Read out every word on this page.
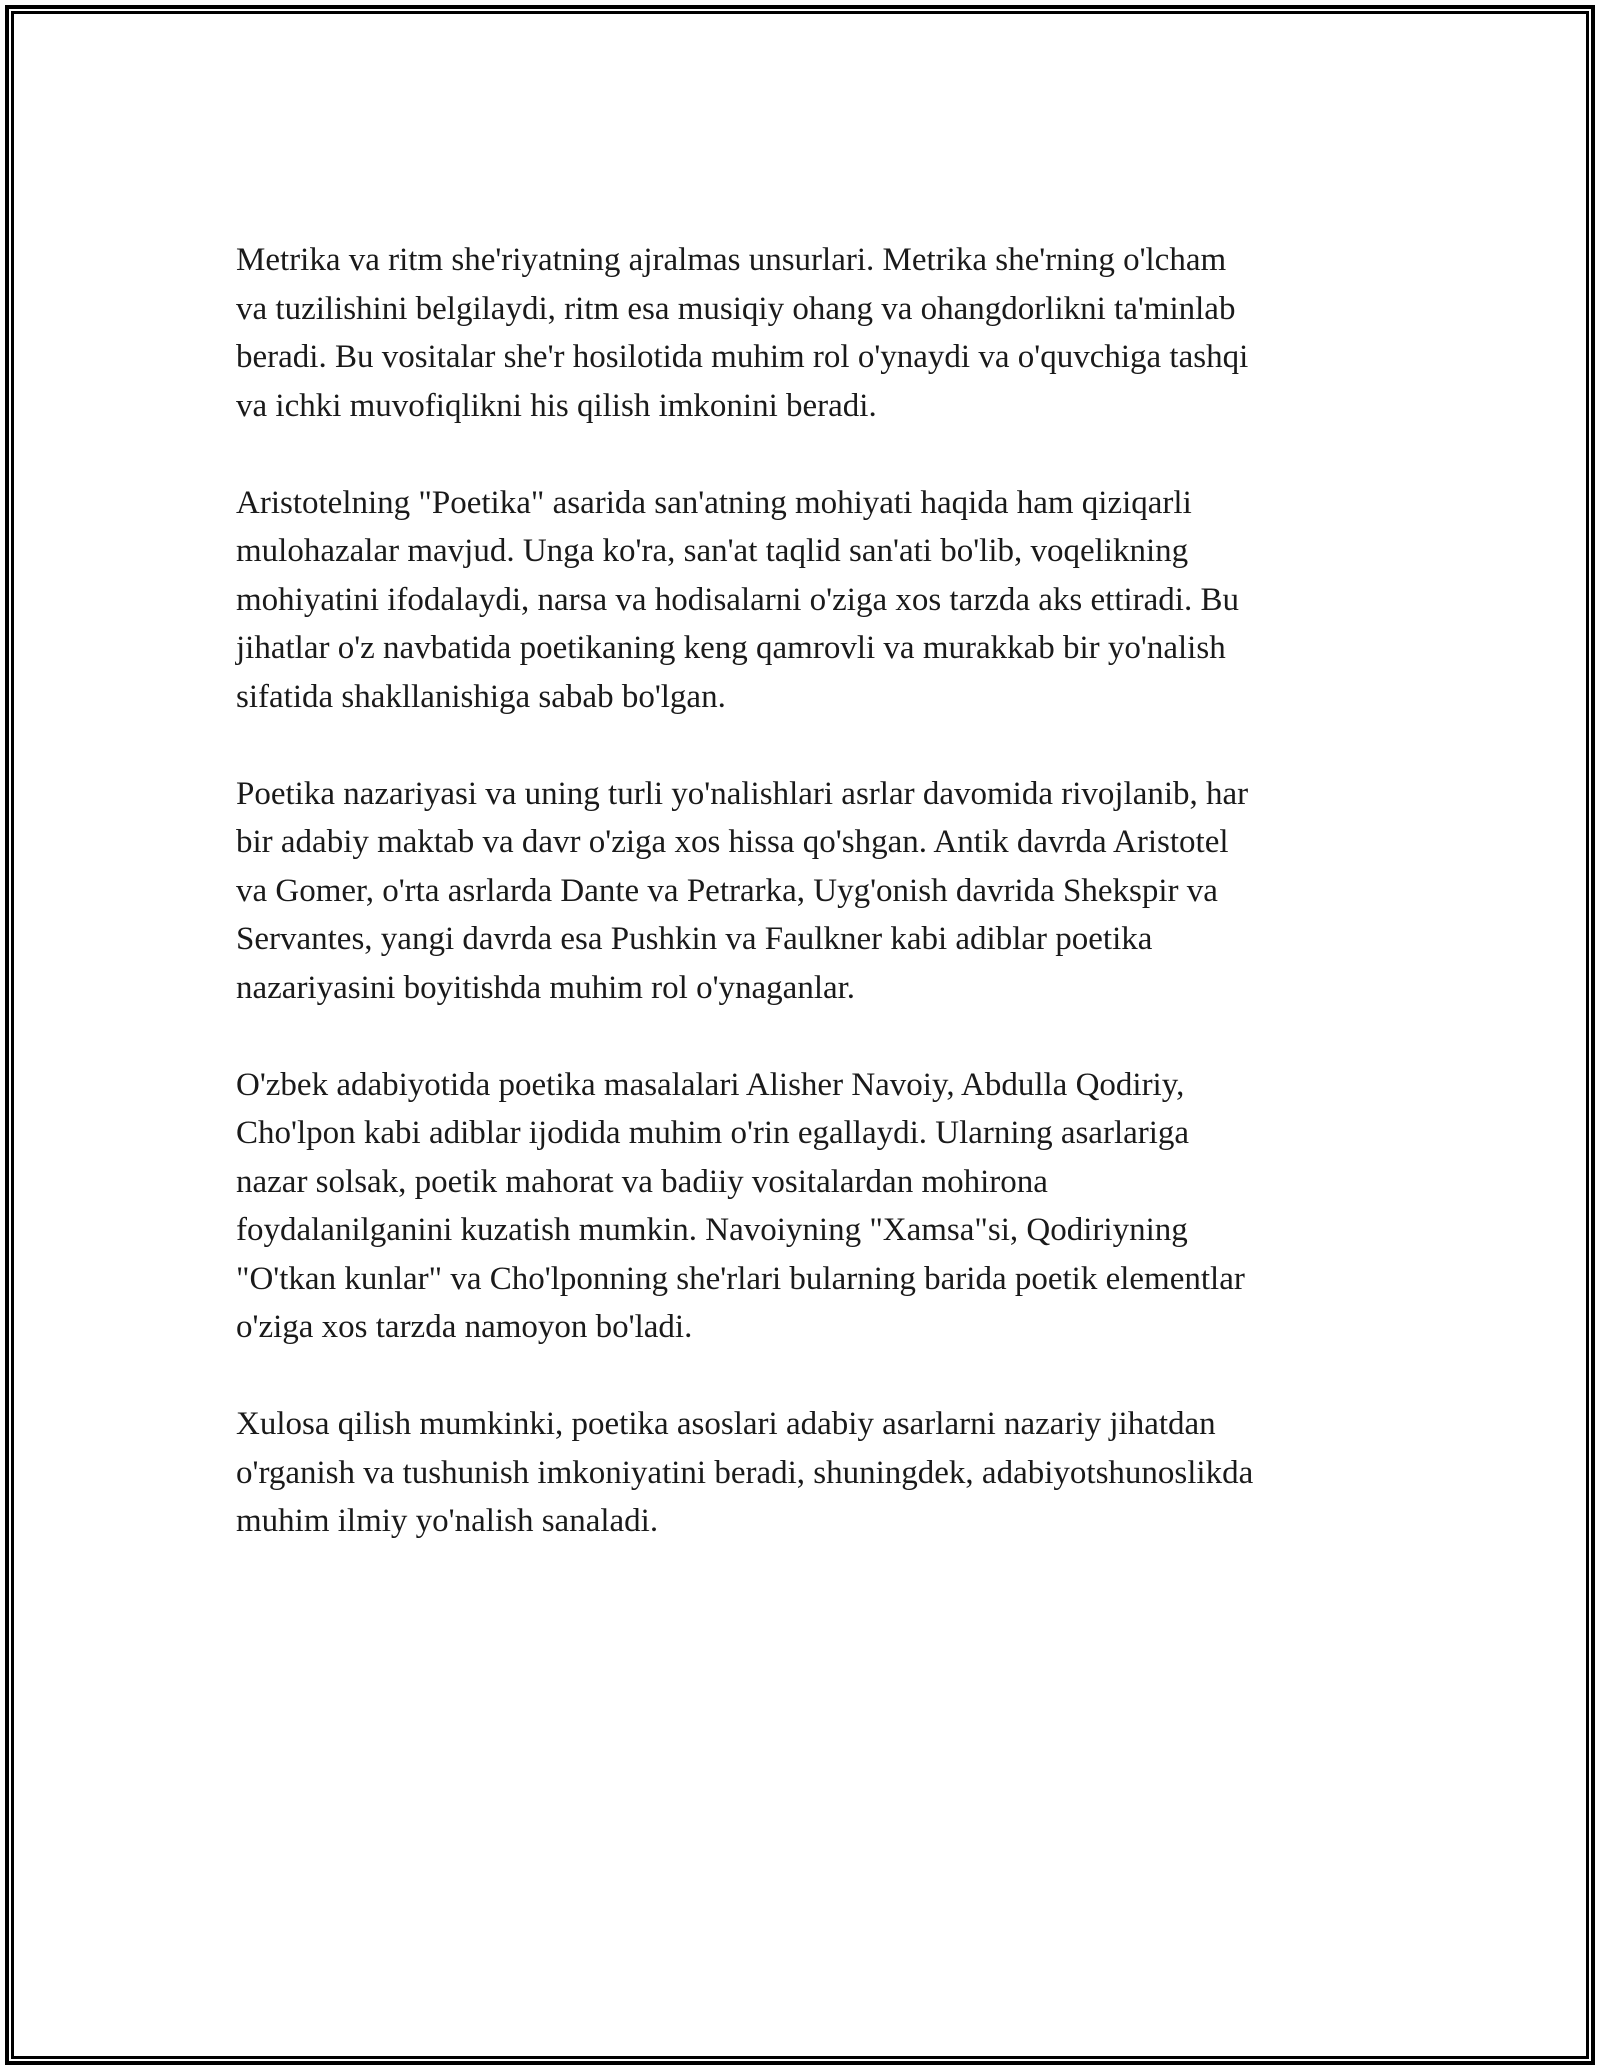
Metrika va ritm she'riyatning ajralmas unsurlari. Metrika she'rning o'lcham
va tuzilishini belgilaydi, ritm esa musiqiy ohang va ohangdorlikni ta'minlab
beradi. Bu vositalar she'r hosilotida muhim rol o'ynaydi va o'quvchiga tashqi
va ichki muvofiqlikni his qilish imkonini beradi.

Aristotelning "Poetika" asarida san'atning mohiyati haqida ham qiziqarli
mulohazalar mavjud. Unga ko'ra, san'at taqlid san'ati bo'lib, voqelikning
mohiyatini ifodalaydi, narsa va hodisalarni o'ziga xos tarzda aks ettiradi. Bu
jihatlar o'z navbatida poetikaning keng qamrovli va murakkab bir yo'nalish
sifatida shakllanishiga sabab bo'lgan.

Poetika nazariyasi va uning turli yo'nalishlari asrlar davomida rivojlanib, har
bir adabiy maktab va davr o'ziga xos hissa qo'shgan. Antik davrda Aristotel
va Gomer, o'rta asrlarda Dante va Petrarka, Uyg'onish davrida Shekspir va
Servantes, yangi davrda esa Pushkin va Faulkner kabi adiblar poetika
nazariyasini boyitishda muhim rol o'ynaganlar.

O'zbek adabiyotida poetika masalalari Alisher Navoiy, Abdulla Qodiriy,
Cho'lpon kabi adiblar ijodida muhim o'rin egallaydi. Ularning asarlariga
nazar solsak, poetik mahorat va badiiy vositalardan mohirona
foydalanilganini kuzatish mumkin. Navoiyning "Xamsa"si, Qodiriyning
"O'tkan kunlar" va Cho'lponning she'rlari bularning barida poetik elementlar
o'ziga xos tarzda namoyon bo'ladi.

Xulosa qilish mumkinki, poetika asoslari adabiy asarlarni nazariy jihatdan
o'rganish va tushunish imkoniyatini beradi, shuningdek, adabiyotshunoslikda
muhim ilmiy yo'nalish sanaladi.
